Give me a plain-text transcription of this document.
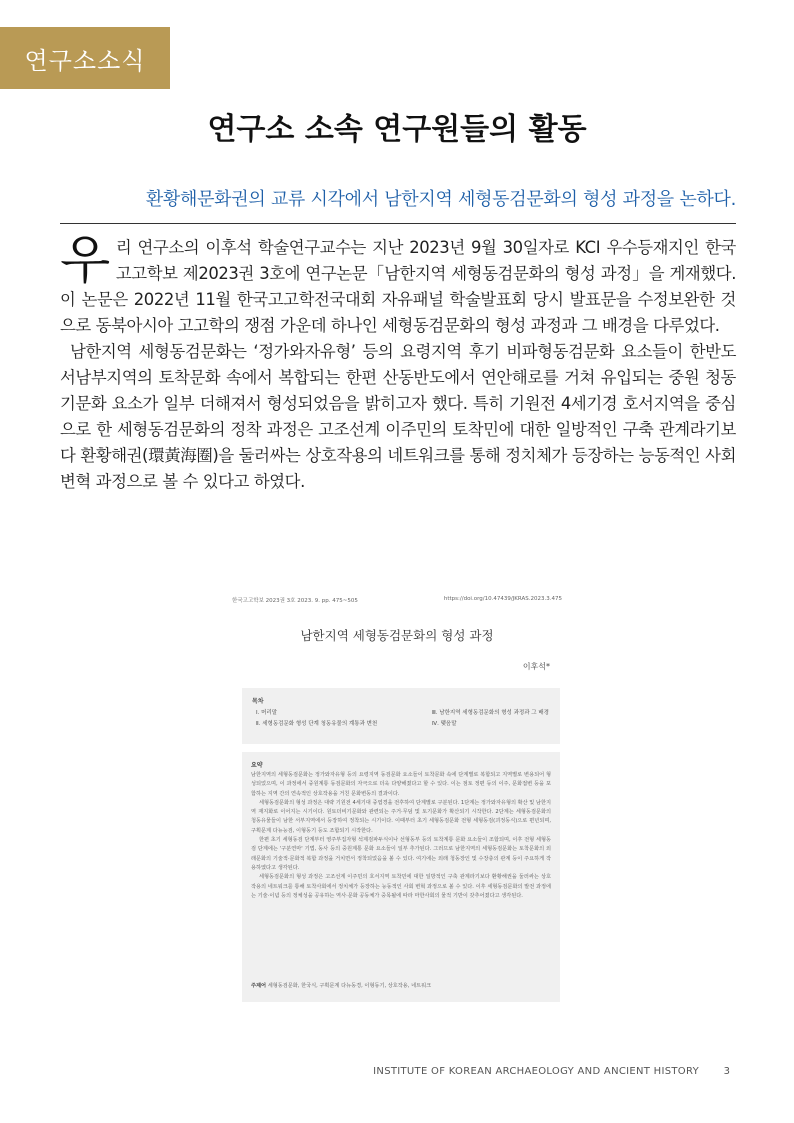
연구소소식
연구소 소속 연구원들의 활동
환황해문화권의 교류 시각에서 남한지역 세형동검문화의 형성 과정을 논하다.

우리 연구소의 이후석 학술연구교수는 지난 2023년 9월 30일자로 KCI 우수등재지인 한국고고학보 제2023권 3호에 연구논문「남한지역 세형동검문화의 형성 과정」을 게재했다. 이 논문은 2022년 11월 한국고고학전국대회 자유패널 학술발표회 당시 발표문을 수정보완한 것으로 동북아시아 고고학의 쟁점 가운데 하나인 세형동검문화의 형성 과정과 그 배경을 다루었다.

남한지역 세형동검문화는 ‘정가와자유형’ 등의 요령지역 후기 비파형동검문화 요소들이 한반도 서남부지역의 토착문화 속에서 복합되는 한편 산동반도에서 연안해로를 거쳐 유입되는 중원 청동기문화 요소가 일부 더해져서 형성되었음을 밝히고자 했다. 특히 기원전 4세기경 호서지역을 중심으로 한 세형동검문화의 정착 과정은 고조선계 이주민의 토착민에 대한 일방적인 구축 관계라기보다 환황해권(環黃海圈)을 둘러싸는 상호작용의 네트워크를 통해 정치체가 등장하는 능동적인 사회 변혁 과정으로 볼 수 있다고 하였다.

한국고고학보 2023권 3호 2023. 9. pp. 475~505	https://doi.org/10.47439/JKRAS.2023.3.475
남한지역 세형동검문화의 형성 과정
이후석*
목차
Ⅰ. 머리말
Ⅱ. 세형동검문화 형성 단계 청동유물의 계통과 변천
Ⅲ. 남한지역 세형동검문화의 형성 과정과 그 배경
Ⅳ. 맺음말
요약

남한지역의 세형동검문화는 정가와자유형 등의 요령지역 동검문화 요소들이 토착문화 속에 단계별로 복합되고 지역별로 변용되어 형성되었으며, 이 과정에서 중원계통 동검문화의 자극으로 더욱 다양해졌다고 할 수 있다. 이는 점토 정편 등의 이주, 문화접변 등을 포함하는 지역 간의 연속적인 상호작용을 거친 문화변동의 결과이다.

세형동검문화의 형성 과정은 대략 기원전 4세기대 중엽경을 전후하여 단계별로 구분된다. 1단계는 정가와자유형의 확산 및 남한지역 재지화로 이어지는 시기이다. 원토더비기문화와 관련되는 주거·무덤 및 토기문화가 확산되기 시작한다. 2단계는 세형동검문화의 청동유물들이 남한 서부지역에서 등장하여 정착되는 시기이다. 이때부터 초기 세형동검문화 전형 세형동검(괴정동식)으로 편년되며, 구획문계 다뉴능검, 이형동기 등도 조합되기 시작한다.

한편 초기 세형동검 단계부터 영주부집자형 석제검파두식이나 선형동부 등의 토착계통 문화 요소들이 조합되며, 이후 전형 세형동검 단계에는 '구분연마' 기법, 동사 등의 중원계통 문화 요소들이 일부 추가된다. 그러므로 남한지역의 세형동검문화는 토착문화의 외래문화의 기술적·문화적 복합 과정을 거치면서 정착되었음을 볼 수 있다. 여기에는 외래 청동장인 및 수장층의 관계 등이 주요하게 작용하였다고 생각된다.

세형동검문화의 형성 과정은 고조선계 이주민의 호서지역 토착민에 대한 일방적인 구축 관계라기보다 환황해권을 둘러싸는 상호작용의 네트워크를 통해 토착사회에서 정치체가 등장하는 능동적인 사회 변혁 과정으로 볼 수 있다. 이후 세형동검문화의 발전 과정에는 기술·이념 등의 정체성을 공유하는 역사·문화 공동체가 중목될에 따라 마한사회의 물적 기반이 갖추어졌다고 생각된다.

주제어 세형동검문화, 한국식, 구획문계 다뉴동경, 이형동기, 상호작용, 네트워크
INSTITUTE OF KOREAN ARCHAEOLOGY AND ANCIENT HISTORY 3
